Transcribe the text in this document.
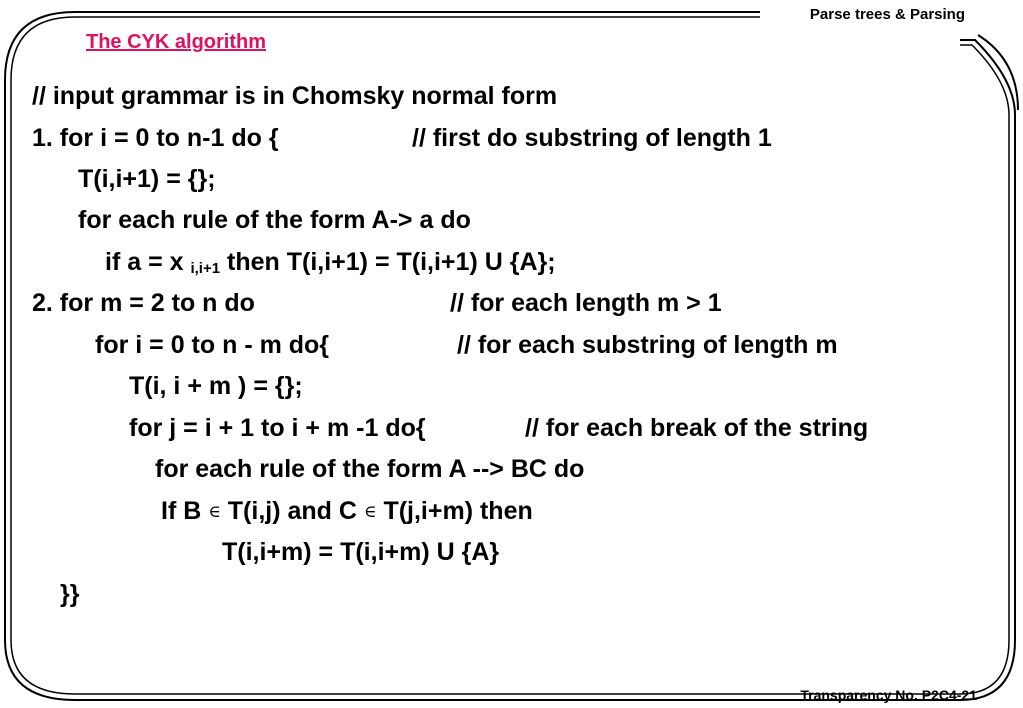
Parse trees & Parsing
The CYK algorithm
// input grammar is in Chomsky normal form
1. for i = 0 to n-1 do {	// first do substring of length 1
T(i,i+1) = {};
for each rule of the form A-> a do
if a = x $_{i,i+1}$ then T(i,i+1) = T(i,i+1) U {A};
2. for m = 2 to n do	// for each length m > 1
for i = 0 to n - m do{	// for each substring of length m
T(i, i + m ) = {};
for j = i + 1 to i + m -1 do{	// for each break of the string
for each rule of the form A --> BC do
If B ∈ T(i,j) and C ∈ T(j,i+m) then
T(i,i+m) = T(i,i+m) U {A}
}}
Transparency No. P2C4-21
